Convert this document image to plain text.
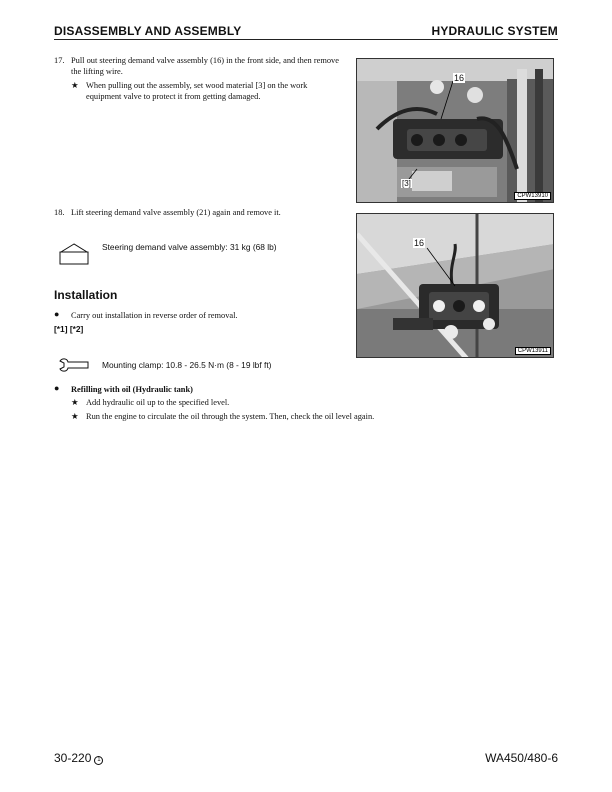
DISASSEMBLY AND ASSEMBLY	HYDRAULIC SYSTEM
17. Pull out steering demand valve assembly (16) in the front side, and then remove the lifting wire.
★ When pulling out the assembly, set wood material [3] on the work equipment valve to protect it from getting damaged.
16
[3]
CPW13910
18. Lift steering demand valve assembly (21) again and remove it.
Steering demand valve assembly: 31 kg (68 lb)	16
CPW13911
Installation
● Carry out installation in reverse order of removal.
[*1] [*2]
Mounting clamp: 10.8 - 26.5 N·m (8 - 19 lbf ft)
● Refilling with oil (Hydraulic tank)
★ Add hydraulic oil up to the specified level.
★ Run the engine to circulate the oil through the system. Then, check the oil level again.
30-220 1	WA450/480-6
